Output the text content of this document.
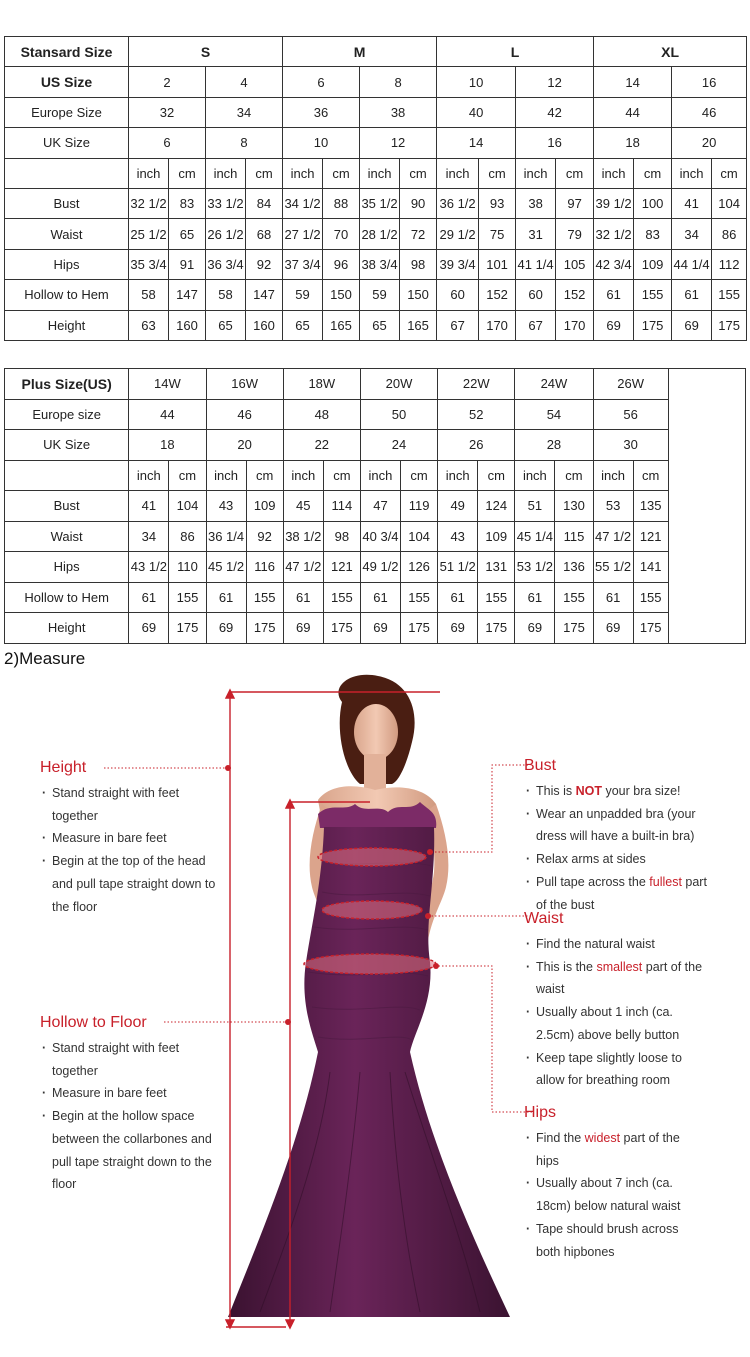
Stansard Size	S				M				L				XL			
US Size	2		4		6		8		10		12		14		16	
Europe Size	32		34		36		38		40		42		44		46	
UK Size	6		8		10		12		14		16		18		20	
	inch	cm	inch	cm	inch	cm	inch	cm	inch	cm	inch	cm	inch	cm	inch	cm
Bust	32 1/2	83	33 1/2	84	34 1/2	88	35 1/2	90	36 1/2	93	38	97	39 1/2	100	41	104
Waist	25 1/2	65	26 1/2	68	27 1/2	70	28 1/2	72	29 1/2	75	31	79	32 1/2	83	34	86
Hips	35 3/4	91	36 3/4	92	37 3/4	96	38 3/4	98	39 3/4	101	41 1/4	105	42 3/4	109	44 1/4	112
Hollow to Hem	58	147	58	147	59	150	59	150	60	152	60	152	61	155	61	155
Height	63	160	65	160	65	165	65	165	67	170	67	170	69	175	69	175
Plus Size(US)	14W		16W		18W		20W		22W		24W		26W		
Europe size	44		46		48		50		52		54		56		
UK Size	18		20		22		24		26		28		30		
	inch	cm	inch	cm	inch	cm	inch	cm	inch	cm	inch	cm	inch	cm	
Bust	41	104	43	109	45	114	47	119	49	124	51	130	53	135	
Waist	34	86	36 1/4	92	38 1/2	98	40 3/4	104	43	109	45 1/4	115	47 1/2	121	
Hips	43 1/2	110	45 1/2	116	47 1/2	121	49 1/2	126	51 1/2	131	53 1/2	136	55 1/2	141	
Hollow to Hem	61	155	61	155	61	155	61	155	61	155	61	155	61	155	
Height	69	175	69	175	69	175	69	175	69	175	69	175	69	175	
2)Measure
Height
· Stand straight with feet together
· Measure in bare feet
· Begin at the top of the head and pull tape straight down to the floor
Hollow to Floor
· Stand straight with feet together
· Measure in bare feet
· Begin at the hollow space between the collarbones and pull tape straight down to the floor
Bust
· This is NOT your bra size!
· Wear an unpadded bra (your dress will have a built-in bra)
· Relax arms at sides
· Pull tape across the fullest part of the bust
Waist
· Find the natural waist
· This is the smallest part of the waist
· Usually about 1 inch (ca. 2.5cm) above belly button
· Keep tape slightly loose to allow for breathing room
Hips
· Find the widest part of the hips
· Usually about 7 inch (ca. 18cm) below natural waist
· Tape should brush across both hipbones
